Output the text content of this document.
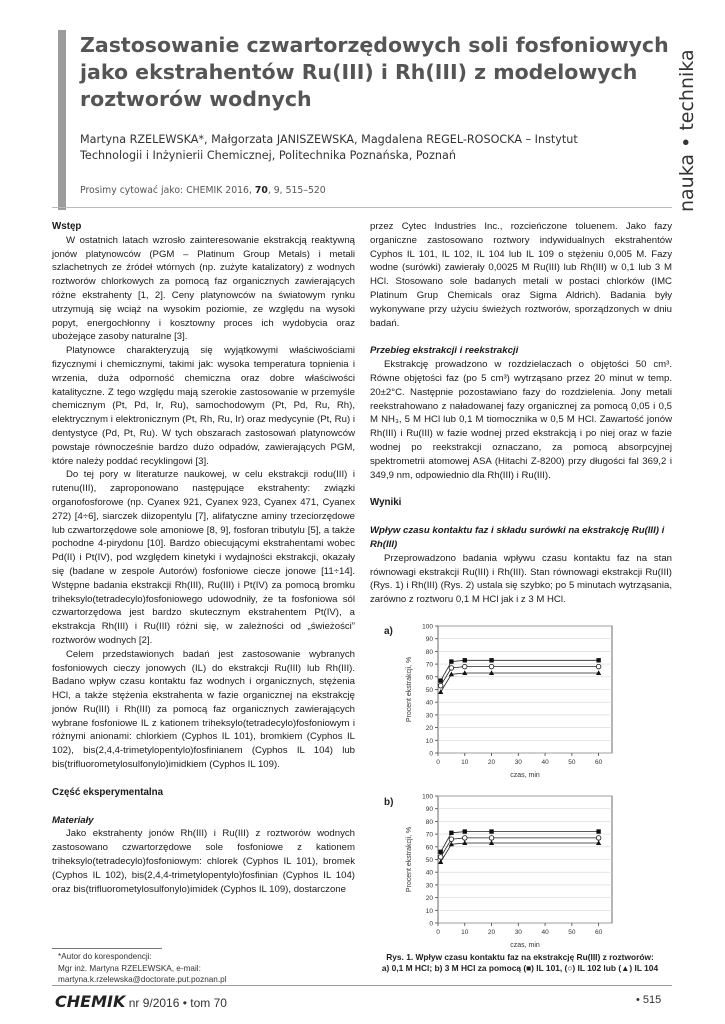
Zastosowanie czwartorzędowych soli fosfoniowych
jako ekstrahentów Ru(III) i Rh(III) z modelowych
roztworów wodnych	nauka • technika
Martyna RZELEWSKA*, Małgorzata JANISZEWSKA, Magdalena REGEL-ROSOCKA – Instytut
Technologii i Inżynierii Chemicznej, Politechnika Poznańska, Poznań
Prosimy cytować jako: CHEMIK 2016, 70, 9, 515–520
Wstęp

W ostatnich latach wzrosło zainteresowanie ekstrakcją reaktywną jonów platynowców (PGM – Platinum Group Metals) i metali szlachetnych ze źródeł wtórnych (np. zużyte katalizatory) z wodnych roztworów chlorkowych za pomocą faz organicznych zawierających różne ekstrahenty [1, 2]. Ceny platynowców na światowym rynku utrzymują się wciąż na wysokim poziomie, ze względu na wysoki popyt, energochłonny i kosztowny proces ich wydobycia oraz ubożejące zasoby naturalne [3].

Platynowce charakteryzują się wyjątkowymi właściwościami fizycznymi i chemicznymi, takimi jak: wysoka temperatura topnienia i wrzenia, duża odporność chemiczna oraz dobre właściwości katalityczne. Z tego względu mają szerokie zastosowanie w przemyśle chemicznym (Pt, Pd, Ir, Ru), samochodowym (Pt, Pd, Ru, Rh), elektrycznym i elektronicznym (Pt, Rh, Ru, Ir) oraz medycynie (Pt, Ru) i dentystyce (Pd, Pt, Ru). W tych obszarach zastosowań platynowców powstaje równocześnie bardzo dużo odpadów, zawierających PGM, które należy poddać recyklingowi [3].

Do tej pory w literaturze naukowej, w celu ekstrakcji rodu(III) i rutenu(III), zaproponowano następujące ekstrahenty: związki organofosforowe (np. Cyanex 921, Cyanex 923, Cyanex 471, Cyanex 272) [4÷6], siarczek diizopentylu [7], alifatyczne aminy trzeciorzędowe lub czwartorzędowe sole amoniowe [8, 9], fosforan tributylu [5], a także pochodne 4-pirydonu [10]. Bardzo obiecującymi ekstrahentami wobec Pd(II) i Pt(IV), pod względem kinetyki i wydajności ekstrakcji, okazały się (badane w zespole Autorów) fosfoniowe ciecze jonowe [11÷14]. Wstępne badania ekstrakcji Rh(III), Ru(III) i Pt(IV) za pomocą bromku triheksylo(tetradecylo)fosfoniowego udowodniły, że ta fosfoniowa sól czwartorzędowa jest bardzo skutecznym ekstrahentem Pt(IV), a ekstrakcja Rh(III) i Ru(III) różni się, w zależności od „świeżości” roztworów wodnych [2].

Celem przedstawionych badań jest zastosowanie wybranych fosfoniowych cieczy jonowych (IL) do ekstrakcji Ru(III) lub Rh(III). Badano wpływ czasu kontaktu faz wodnych i organicznych, stężenia HCl, a także stężenia ekstrahenta w fazie organicznej na ekstrakcję jonów Ru(III) i Rh(III) za pomocą faz organicznych zawierających wybrane fosfoniowe IL z kationem triheksylo(tetradecylo)fosfoniowym i różnymi anionami: chlorkiem (Cyphos IL 101), bromkiem (Cyphos IL 102), bis(2,4,4-trimetylopentylo)fosfinianem (Cyphos IL 104) lub bis(trifluorometylosulfonylo)imidkiem (Cyphos IL 109).

Część eksperymentalna
Materiały

Jako ekstrahenty jonów Rh(III) i Ru(III) z roztworów wodnych zastosowano czwartorzędowe sole fosfoniowe z kationem triheksylo(tetradecylo)fosfoniowym: chlorek (Cyphos IL 101), bromek (Cyphos IL 102), bis(2,4,4-trimetylopentylo)fosfinian (Cyphos IL 104) oraz bis(trifluorometylosulfonylo)imidek (Cyphos IL 109), dostarczone

przez Cytec Industries Inc., rozcieńczone toluenem. Jako fazy organiczne zastosowano roztwory indywidualnych ekstrahentów Cyphos IL 101, IL 102, IL 104 lub IL 109 o stężeniu 0,005 M. Fazy wodne (surówki) zawierały 0,0025 M Ru(III) lub Rh(III) w 0,1 lub 3 M HCl. Stosowano sole badanych metali w postaci chlorków (IMC Platinum Grup Chemicals oraz Sigma Aldrich). Badania były wykonywane przy użyciu świeżych roztworów, sporządzonych w dniu badań.

Przebieg ekstrakcji i reekstrakcji

Ekstrakcję prowadzono w rozdzielaczach o objętości 50 cm³. Równe objętości faz (po 5 cm³) wytrząsano przez 20 minut w temp. 20±2°C. Następnie pozostawiano fazy do rozdzielenia. Jony metali reekstrahowano z naładowanej fazy organicznej za pomocą 0,05 i 0,5 M NH₃, 5 M HCl lub 0,1 M tiomocznika w 0,5 M HCl. Zawartość jonów Rh(III) i Ru(III) w fazie wodnej przed ekstrakcją i po niej oraz w fazie wodnej po reekstrakcji oznaczano, za pomocą absorpcyjnej spektrometrii atomowej ASA (Hitachi Z-8200) przy długości fal 369,2 i 349,9 nm, odpowiednio dla Rh(III) i Ru(III).

Wyniki
Wpływ czasu kontaktu faz i składu surówki na ekstrakcję Ru(III) i Rh(III)

Przeprowadzono badania wpływu czasu kontaktu faz na stan równowagi ekstrakcji Ru(III) i Rh(III). Stan równowagi ekstrakcji Ru(III) (Rys. 1) i Rh(III) (Rys. 2) ustala się szybko; po 5 minutach wytrząsania, zarówno z roztworu 0,1 M HCl jak i z 3 M HCl.

a)
0
10
20
30
40
50
60
70
80
90
100
0	10	20	30	40	50	60
czas, min
Procent ekstrakcji, %
b)
0
10
20
30
40
50
60
70
80
90
100
0	10	20	30	40	50	60
czas, min
Procent ekstrakcji, %
Rys. 1. Wpływ czasu kontaktu faz na ekstrakcję Ru(III) z roztworów:
a) 0,1 M HCl; b) 3 M HCl za pomocą (■) IL 101, (○) IL 102 lub (▲) IL 104
*Autor do korespondencji:
Mgr inż. Martyna RZELEWSKA, e-mail: martyna.k.rzelewska@doctorate.put.poznan.pl
CHEMIK nr 9/2016 • tom 70	• 515
